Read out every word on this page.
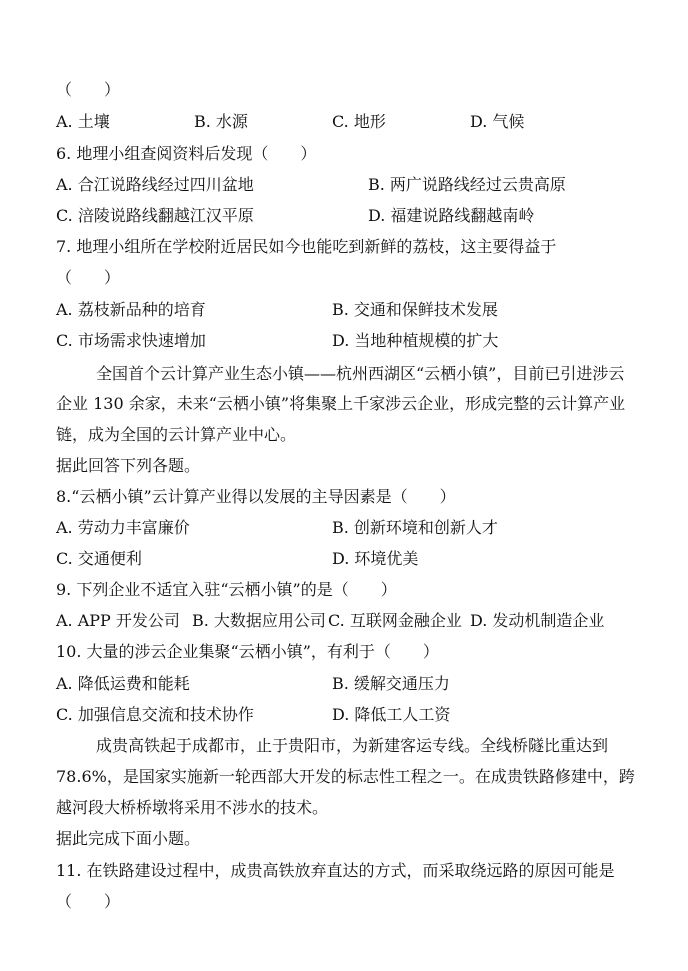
（　　）
A. 土壤	B. 水源	C. 地形	D. 气候
6. 地理小组查阅资料后发现（　　）
A. 合江说路线经过四川盆地	B. 两广说路线经过云贵高原
C. 涪陵说路线翻越江汉平原	D. 福建说路线翻越南岭
7. 地理小组所在学校附近居民如今也能吃到新鲜的荔枝，这主要得益于
（　　）
A. 荔枝新品种的培育	B. 交通和保鲜技术发展
C. 市场需求快速增加	D. 当地种植规模的扩大
全国首个云计算产业生态小镇——杭州西湖区“云栖小镇”，目前已引进涉云
企业 130 余家，未来“云栖小镇”将集聚上千家涉云企业，形成完整的云计算产业
链，成为全国的云计算产业中心。
据此回答下列各题。
8.“云栖小镇”云计算产业得以发展的主导因素是（　　）
A. 劳动力丰富廉价	B. 创新环境和创新人才
C. 交通便利	D. 环境优美
9. 下列企业不适宜入驻“云栖小镇”的是（　　）
A. APP 开发公司 B. 大数据应用公司 C. 互联网金融企业 D. 发动机制造企业
10. 大量的涉云企业集聚“云栖小镇”，有利于（　　）
A. 降低运费和能耗	B. 缓解交通压力
C. 加强信息交流和技术协作	D. 降低工人工资
成贵高铁起于成都市，止于贵阳市，为新建客运专线。全线桥隧比重达到
78.6%，是国家实施新一轮西部大开发的标志性工程之一。在成贵铁路修建中，跨
越河段大桥桥墩将采用不涉水的技术。
据此完成下面小题。
11. 在铁路建设过程中，成贵高铁放弃直达的方式，而采取绕远路的原因可能是
（　　）
